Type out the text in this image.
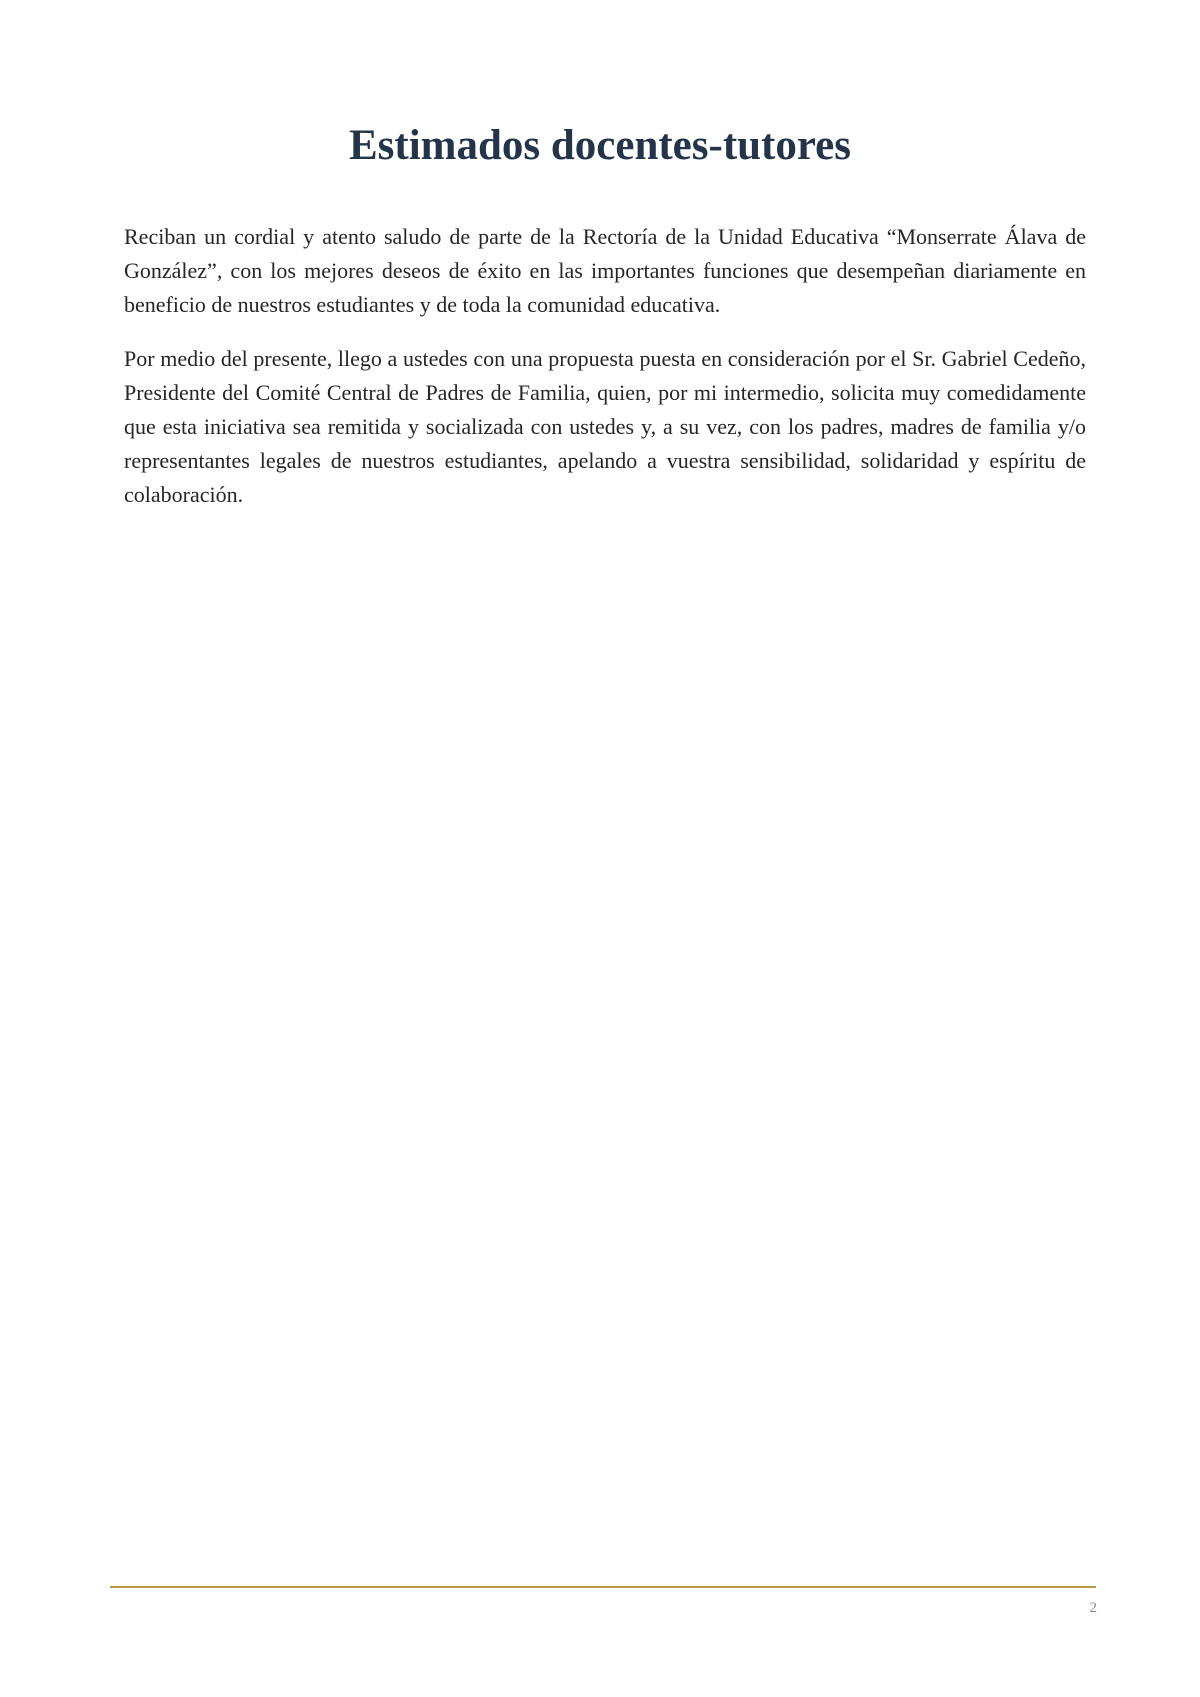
Estimados docentes-tutores

Reciban un cordial y atento saludo de parte de la Rectoría de la Unidad Educativa “Monserrate Álava de González”, con los mejores deseos de éxito en las importantes funciones que desempeñan diariamente en beneficio de nuestros estudiantes y de toda la comunidad educativa.

Por medio del presente, llego a ustedes con una propuesta puesta en consideración por el Sr. Gabriel Cedeño, Presidente del Comité Central de Padres de Familia, quien, por mi intermedio, solicita muy comedidamente que esta iniciativa sea remitida y socializada con ustedes y, a su vez, con los padres, madres de familia y/o representantes legales de nuestros estudiantes, apelando a vuestra sensibilidad, solidaridad y espíritu de colaboración.

2
